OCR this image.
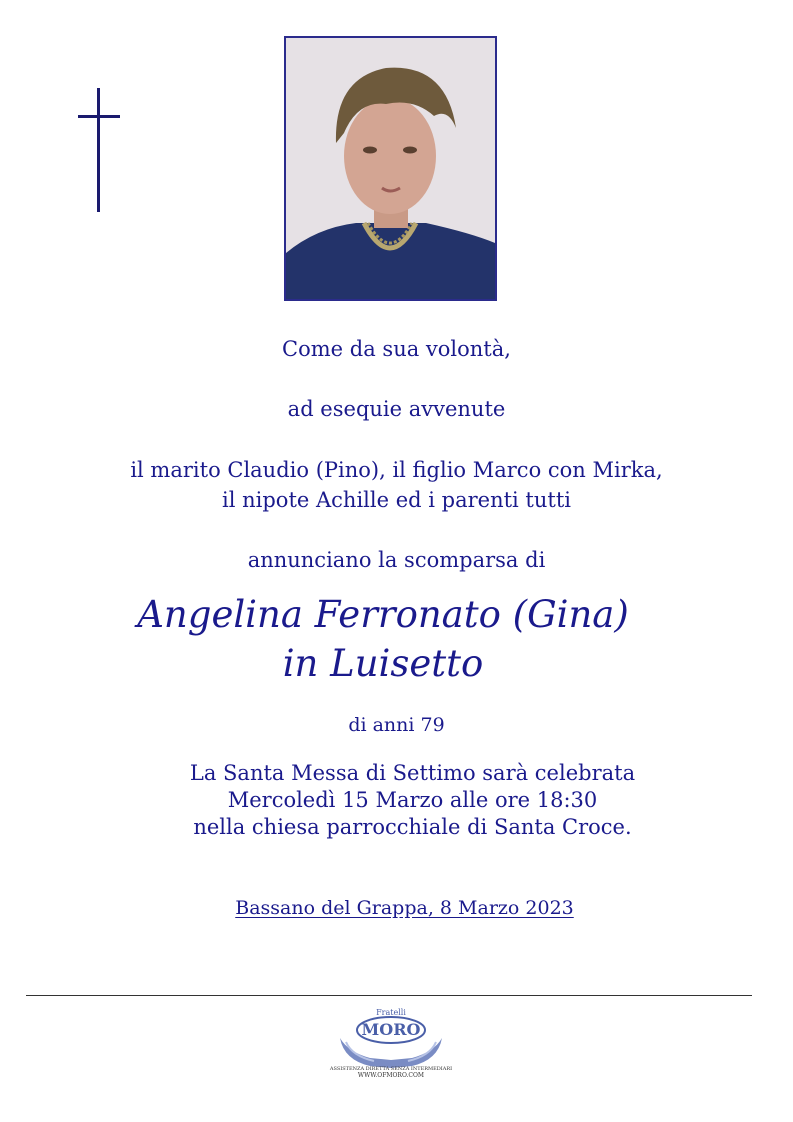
Come da sua volontà,
ad esequie avvenute
il marito Claudio (Pino), il figlio Marco con Mirka,
il nipote Achille ed i parenti tutti
annunciano la scomparsa di
Angelina Ferronato (Gina)
in Luisetto
di anni 79
La Santa Messa di Settimo sarà celebrata
Mercoledì 15 Marzo alle ore 18:30
nella chiesa parrocchiale di Santa Croce.
Bassano del Grappa, 8 Marzo 2023
Fratelli
MORO
ASSISTENZA DIRETTA SENZA INTERMEDIARI
WWW.OFMORO.COM
